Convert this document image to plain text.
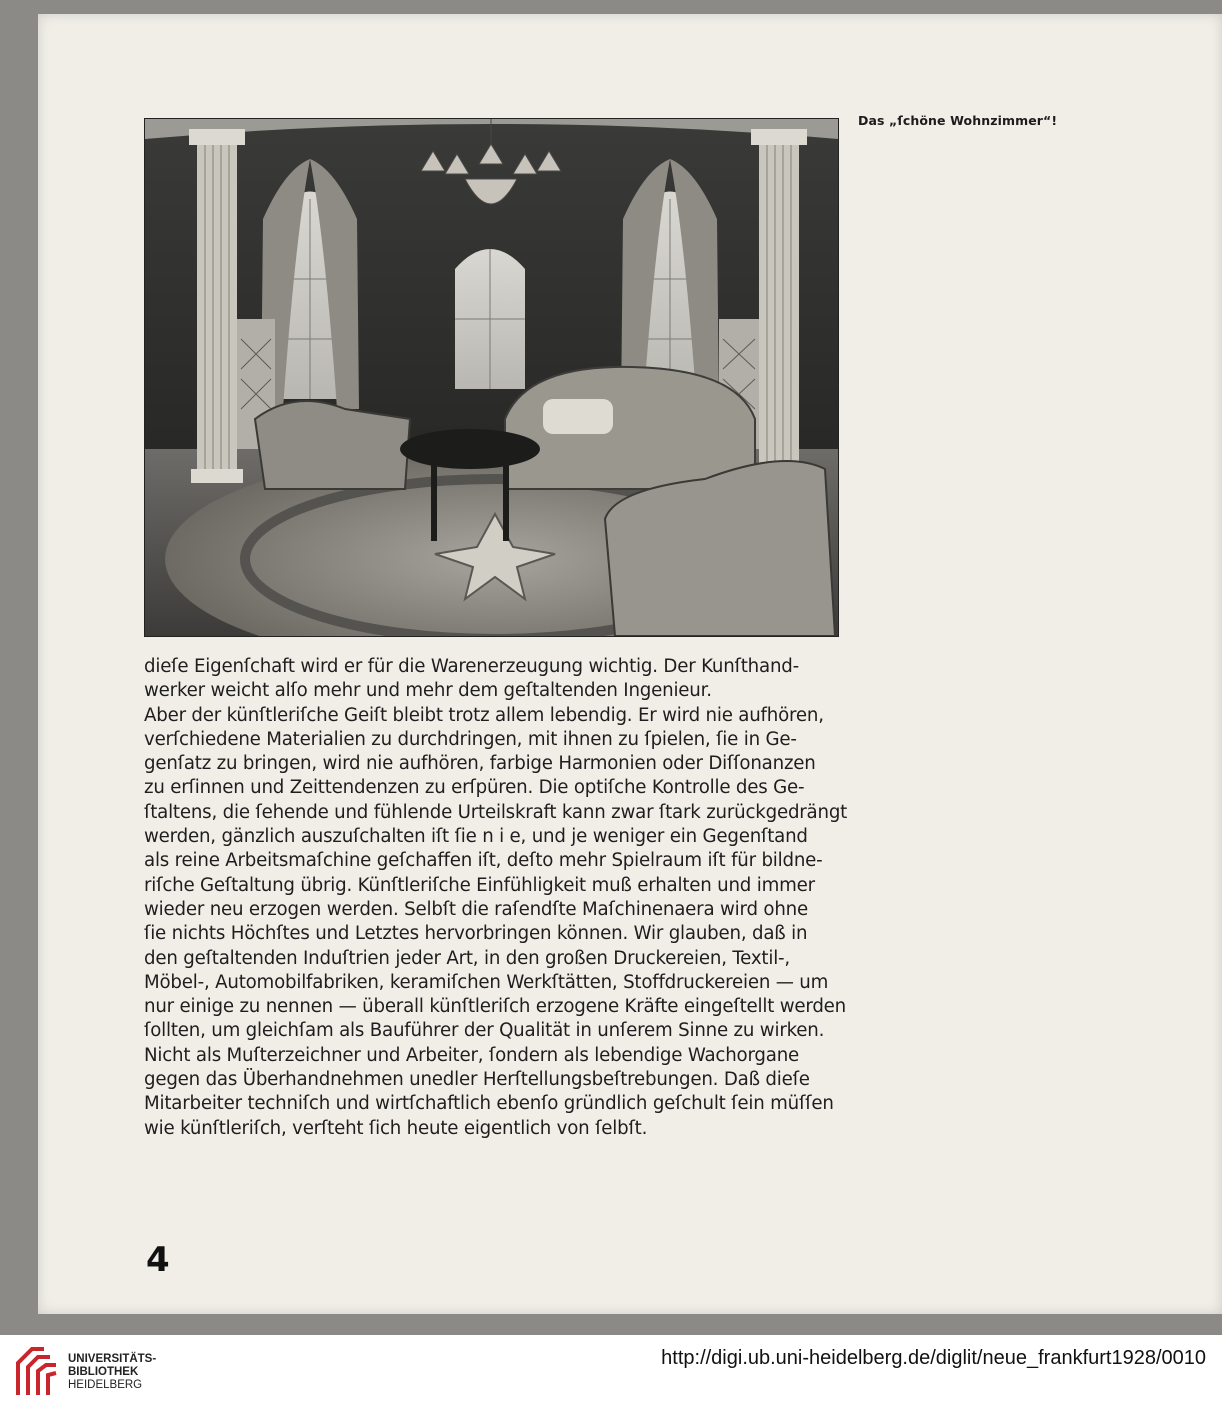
Das „ſchöne Wohnzimmer“!
dieſe Eigenſchaft wird er für die Warenerzeugung wichtig. Der Kunſthand-
werker weicht alſo mehr und mehr dem geſtaltenden Ingenieur.
Aber der künſtleriſche Geiſt bleibt trotz allem lebendig. Er wird nie aufhören,
verſchiedene Materialien zu durchdringen, mit ihnen zu ſpielen, ſie in Ge-
genſatz zu bringen, wird nie aufhören, farbige Harmonien oder Diſſonanzen
zu erſinnen und Zeittendenzen zu erſpüren. Die optiſche Kontrolle des Ge-
ſtaltens, die ſehende und fühlende Urteilskraft kann zwar ſtark zurückgedrängt
werden, gänzlich auszuſchalten iſt ſie n i e, und je weniger ein Gegenſtand
als reine Arbeitsmaſchine geſchaffen iſt, deſto mehr Spielraum iſt für bildne-
riſche Geſtaltung übrig. Künſtleriſche Einfühligkeit muß erhalten und immer
wieder neu erzogen werden. Selbſt die raſendſte Maſchinenaera wird ohne
ſie nichts Höchſtes und Letztes hervorbringen können. Wir glauben, daß in
den geſtaltenden Induſtrien jeder Art, in den großen Druckereien, Textil-,
Möbel-, Automobilfabriken, keramiſchen Werkſtätten, Stoffdruckereien — um
nur einige zu nennen — überall künſtleriſch erzogene Kräfte eingeſtellt werden
ſollten, um gleichſam als Bauführer der Qualität in unſerem Sinne zu wirken.
Nicht als Muſterzeichner und Arbeiter, ſondern als lebendige Wachorgane
gegen das Überhandnehmen unedler Herſtellungsbeſtrebungen. Daß dieſe
Mitarbeiter techniſch und wirtſchaftlich ebenſo gründlich geſchult ſein müſſen
wie künſtleriſch, verſteht ſich heute eigentlich von ſelbſt.
4
UNIVERSITÄTS-
BIBLIOTHEK
HEIDELBERG
http://digi.ub.uni-heidelberg.de/diglit/neue_frankfurt1928/0010
